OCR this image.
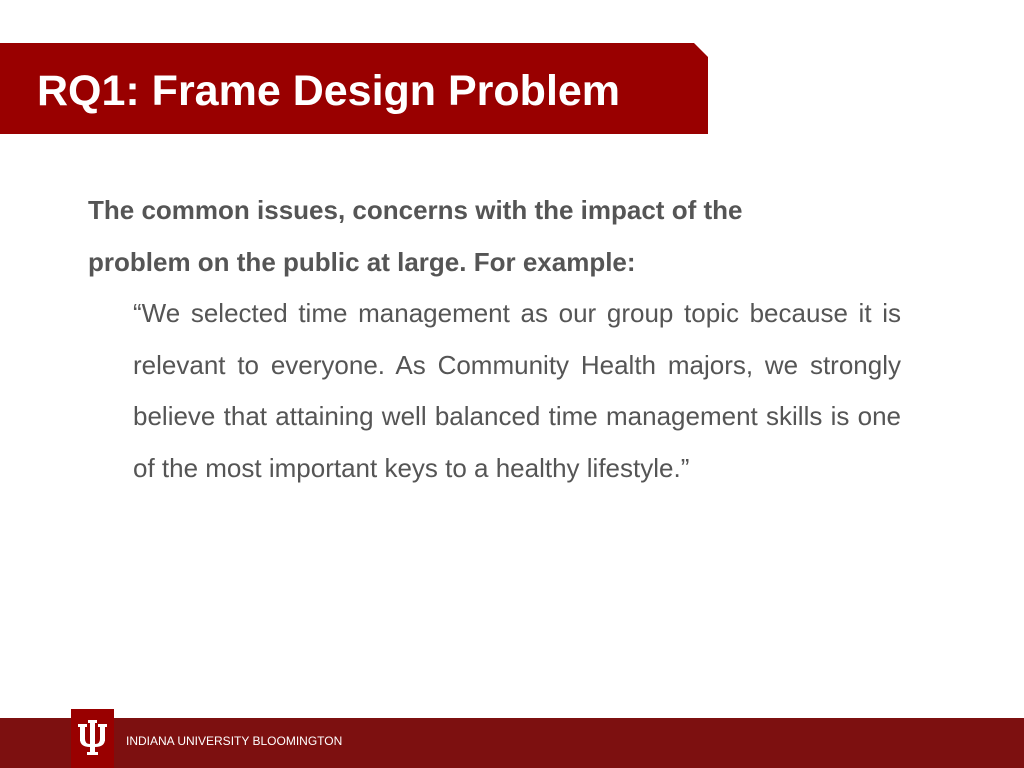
RQ1: Frame Design Problem

The common issues, concerns with the impact of the problem on the public at large. For example:

“We selected time management as our group topic because it is relevant to everyone. As Community Health majors, we strongly believe that attaining well balanced time management skills is one of the most important keys to a healthy lifestyle.”

INDIANA UNIVERSITY BLOOMINGTON
